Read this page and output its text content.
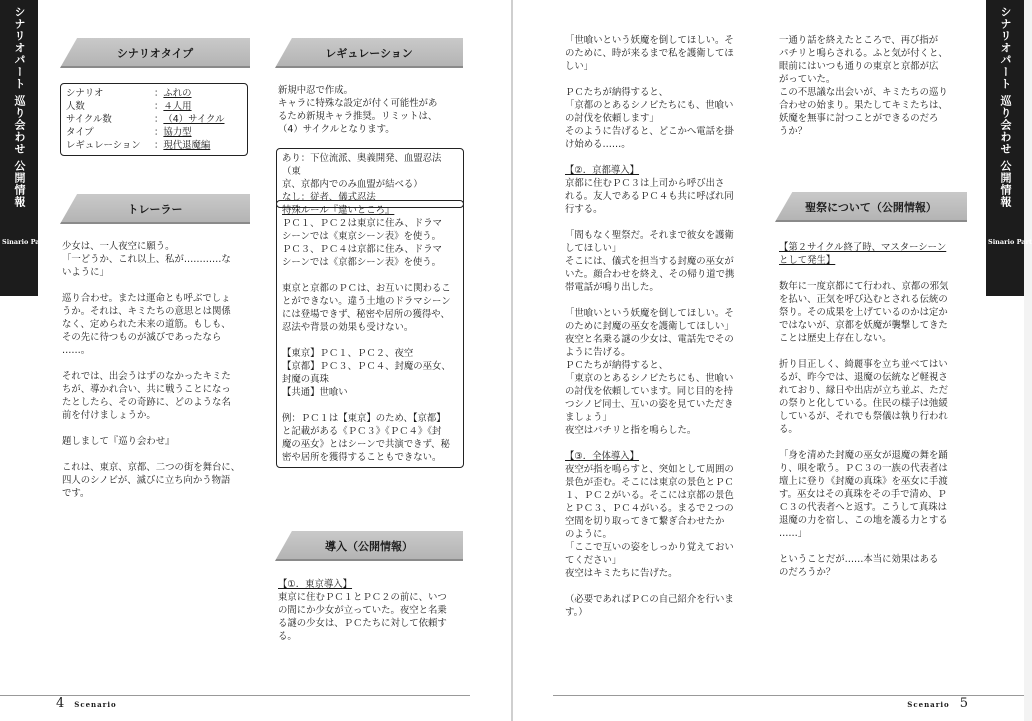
シナリオパート 巡り会わせ 公開情報
Sinario Part
シナリオタイプ
シナリオ	： ふれの
人数	： ４人用
サイクル数	： （4）サイクル
タイプ	： 協力型
レギュレーション	： 現代退魔編
トレーラー

少女は、一人夜空に願う。

「一どうか、これ以上、私が…………な

いように」

巡り合わせ。または運命とも呼ぶでしょ

うか。それは、キミたちの意思とは関係

なく、定められた未来の道筋。もしも、

その先に待つものが滅びであったなら

……。

それでは、出会うはずのなかったキミた

ちが、導かれ合い、共に戦うことになっ

たとしたら、その奇跡に、どのような名

前を付けましょうか。

題しまして『巡り会わせ』

これは、東京、京都、二つの街を舞台に、

四人のシノビが、滅びに立ち向かう物語

です。

レギュレーション

新規中忍で作成。

キャラに特殊な設定が付く可能性があ

るため新規キャラ推奨。リミットは、

（4）サイクルとなります。

あり：下位流派、奥義開発、血盟忍法（東

京、京都内でのみ血盟が結べる）

なし：従者、儀式忍法

特殊ルール『違いところ』

ＰＣ１、ＰＣ２は東京に住み、ドラマ

シーンでは《東京シーン表》を使う。

ＰＣ３、ＰＣ４は京都に住み、ドラマ

シーンでは《京都シーン表》を使う。

東京と京都のＰＣは、お互いに関わるこ

とができない。違う土地のドラマシーン

には登場できず、秘密や居所の獲得や、

忍法や背景の効果も受けない。

【東京】ＰＣ１、ＰＣ２、夜空

【京都】ＰＣ３、ＰＣ４、封魔の巫女、

封魔の真珠

【共通】世喰い

例：ＰＣ１は【東京】のため、【京都】

と記載がある《ＰＣ３》《ＰＣ４》《封

魔の巫女》とはシーンで共演できず、秘

密や居所を獲得することもできない。

導入（公開情報）
【①．東京導入】

東京に住むＰＣ１とＰＣ２の前に、いつ

の間にか少女が立っていた。夜空と名乗

る謎の少女は、ＰＣたちに対して依頼す

る。

4 Scenario
シナリオパート 巡り会わせ 公開情報
Sinario Part

「世喰いという妖魔を倒してほしい。そ

のために、時が来るまで私を護衛してほ

しい」

ＰＣたちが納得すると、

「京都のとあるシノビたちにも、世喰い

の討伐を依頼します」

そのように告げると、どこかへ電話を掛

け始める……。

【②．京都導入】

京都に住むＰＣ３は上司から呼び出さ

れる。友人であるＰＣ４も共に呼ばれ同

行する。

「間もなく聖祭だ。それまで彼女を護衛

してほしい」

そこには、儀式を担当する封魔の巫女が

いた。顔合わせを終え、その帰り道で携

帯電話が鳴り出した。

「世喰いという妖魔を倒してほしい。そ

のために封魔の巫女を護衛してほしい」

夜空と名乗る謎の少女は、電話先でその

ように告げる。

ＰＣたちが納得すると、

「東京のとあるシノビたちにも、世喰い

の討伐を依頼しています。同じ目的を持

つシノビ同士、互いの姿を見ていただき

ましょう」

夜空はパチリと指を鳴らした。

【③．全体導入】

夜空が指を鳴らすと、突如として周囲の

景色が歪む。そこには東京の景色とＰＣ

１、ＰＣ２がいる。そこには京都の景色

とＰＣ３、ＰＣ４がいる。まるで２つの

空間を切り取ってきて繋ぎ合わせたか

のように。

「ここで互いの姿をしっかり覚えておい

てください」

夜空はキミたちに告げた。

（必要であればＰＣの自己紹介を行いま

す。）

一通り話を終えたところで、再び指が

パチリと鳴らされる。ふと気が付くと、

眼前にはいつも通りの東京と京都が広

がっていた。

この不思議な出会いが、キミたちの巡り

合わせの始まり。果たしてキミたちは、

妖魔を無事に討つことができるのだろ

うか？

聖祭について（公開情報）
【第２サイクル終了時、マスターシーン
として発生】

数年に一度京都にて行われ、京都の邪気

を払い、正気を呼び込むとされる伝統の

祭り。その成果を上げているのかは定か

ではないが、京都を妖魔が襲撃してきた

ことは歴史上存在しない。

折り目正しく、綺麗事を立ち並べてはい

るが、昨今では、退魔の伝統など軽視さ

れており、縁日や出店が立ち並ぶ、ただ

の祭りと化している。住民の様子は弛緩

しているが、それでも祭儀は執り行われ

る。

「身を清めた封魔の巫女が退魔の舞を踊

り、唄を歌う。ＰＣ３の一族の代表者は

壇上に登り《封魔の真珠》を巫女に手渡

す。巫女はその真珠をその手で清め、Ｐ

Ｃ３の代表者へと返す。こうして真珠は

退魔の力を宿し、この地を護る力とする

……」

ということだが……本当に効果はある

のだろうか？

Scenario 5
